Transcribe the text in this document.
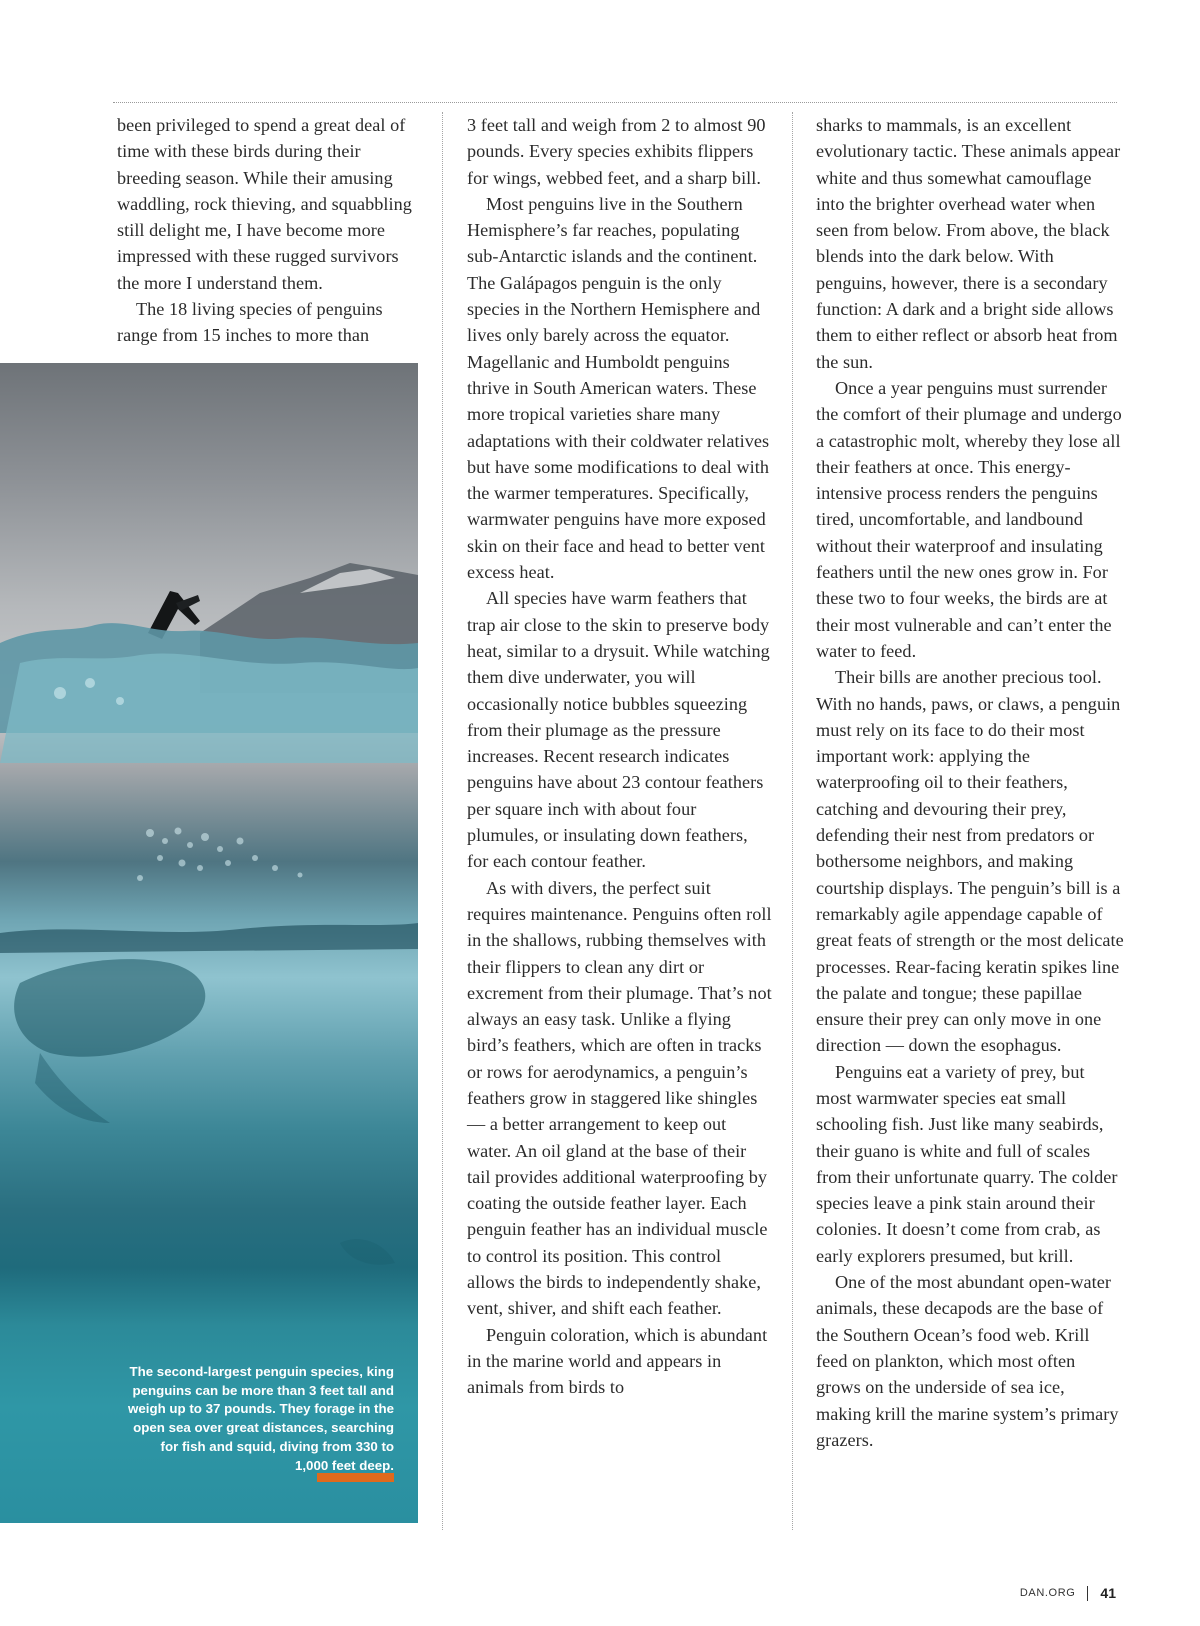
been privileged to spend a great deal of time with these birds during their breeding season. While their amusing waddling, rock thieving, and squabbling still delight me, I have become more impressed with these rugged survivors the more I understand them.

The 18 living species of penguins range from 15 inches to more than

3 feet tall and weigh from 2 to almost 90 pounds. Every species exhibits flippers for wings, webbed feet, and a sharp bill.

Most penguins live in the Southern Hemisphere’s far reaches, populating sub-Antarctic islands and the continent. The Galápagos penguin is the only species in the Northern Hemisphere and lives only barely across the equator. Magellanic and Humboldt penguins thrive in South American waters. These more tropical varieties share many adaptations with their coldwater relatives but have some modifications to deal with the warmer temperatures. Specifically, warmwater penguins have more exposed skin on their face and head to better vent excess heat.

All species have warm feathers that trap air close to the skin to preserve body heat, similar to a drysuit. While watching them dive underwater, you will occasionally notice bubbles squeezing from their plumage as the pressure increases. Recent research indicates penguins have about 23 contour feathers per square inch with about four plumules, or insulating down feathers, for each contour feather.

As with divers, the perfect suit requires maintenance. Penguins often roll in the shallows, rubbing themselves with their flippers to clean any dirt or excrement from their plumage. That’s not always an easy task. Unlike a flying bird’s feathers, which are often in tracks or rows for aerodynamics, a penguin’s feathers grow in staggered like shingles — a better arrangement to keep out water. An oil gland at the base of their tail provides additional waterproofing by coating the outside feather layer. Each penguin feather has an individual muscle to control its position. This control allows the birds to independently shake, vent, shiver, and shift each feather.

Penguin coloration, which is abundant in the marine world and appears in animals from birds to

sharks to mammals, is an excellent evolutionary tactic. These animals appear white and thus somewhat camouflage into the brighter overhead water when seen from below. From above, the black blends into the dark below. With penguins, however, there is a secondary function: A dark and a bright side allows them to either reflect or absorb heat from the sun.

Once a year penguins must surrender the comfort of their plumage and undergo a catastrophic molt, whereby they lose all their feathers at once. This energy-intensive process renders the penguins tired, uncomfortable, and landbound without their waterproof and insulating feathers until the new ones grow in. For these two to four weeks, the birds are at their most vulnerable and can’t enter the water to feed.

Their bills are another precious tool. With no hands, paws, or claws, a penguin must rely on its face to do their most important work: applying the waterproofing oil to their feathers, catching and devouring their prey, defending their nest from predators or bothersome neighbors, and making courtship displays. The penguin’s bill is a remarkably agile appendage capable of great feats of strength or the most delicate processes. Rear-facing keratin spikes line the palate and tongue; these papillae ensure their prey can only move in one direction — down the esophagus.

Penguins eat a variety of prey, but most warmwater species eat small schooling fish. Just like many seabirds, their guano is white and full of scales from their unfortunate quarry. The colder species leave a pink stain around their colonies. It doesn’t come from crab, as early explorers presumed, but krill.

One of the most abundant open-water animals, these decapods are the base of the Southern Ocean’s food web. Krill feed on plankton, which most often grows on the underside of sea ice, making krill the marine system’s primary grazers.

The second-largest penguin species, king penguins can be more than 3 feet tall and weigh up to 37 pounds. They forage in the open sea over great distances, searching for fish and squid, diving from 330 to 1,000 feet deep.
DAN.ORG 41
